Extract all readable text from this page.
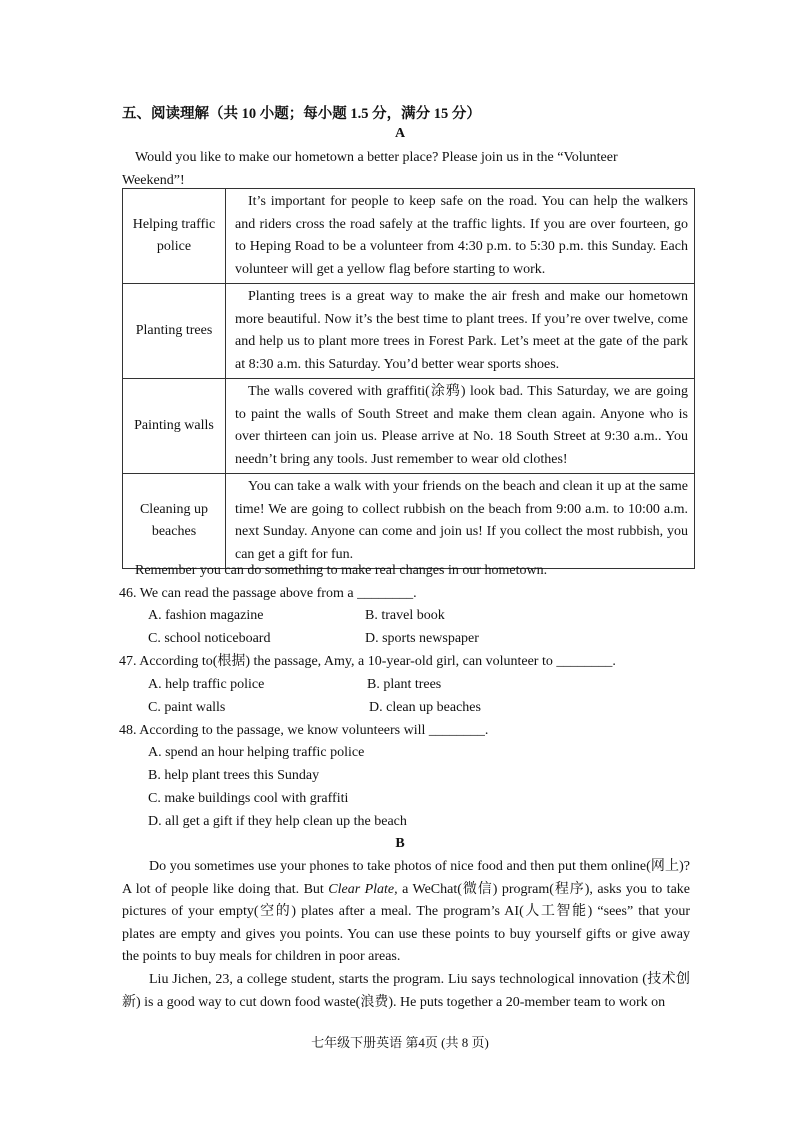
五、阅读理解（共 10 小题；每小题 1.5 分，满分 15 分）
A
Would you like to make our hometown a better place? Please join us in the “Volunteer
Weekend”!
Helping traffic police	It’s important for people to keep safe on the road. You can help the walkers and riders cross the road safely at the traffic lights. If you are over fourteen, go to Heping Road to be a volunteer from 4:30 p.m. to 5:30 p.m. this Sunday. Each volunteer will get a yellow flag before starting to work.
Planting trees	Planting trees is a great way to make the air fresh and make our hometown more beautiful. Now it’s the best time to plant trees. If you’re over twelve, come and help us to plant more trees in Forest Park. Let’s meet at the gate of the park at 8:30 a.m. this Saturday. You’d better wear sports shoes.
Painting walls	The walls covered with graffiti(涂鸦) look bad. This Saturday, we are going to paint the walls of South Street and make them clean again. Anyone who is over thirteen can join us. Please arrive at No. 18 South Street at 9:30 a.m.. You needn’t bring any tools. Just remember to wear old clothes!
Cleaning up beaches	You can take a walk with your friends on the beach and clean it up at the same time! We are going to collect rubbish on the beach from 9:00 a.m. to 10:00 a.m. next Sunday. Anyone can come and join us! If you collect the most rubbish, you can get a gift for fun.
Remember you can do something to make real changes in our hometown.
46. We can read the passage above from a ________.
A. fashion magazine	B. travel book
C. school noticeboard	D. sports newspaper
47. According to(根据) the passage, Amy, a 10-year-old girl, can volunteer to ________.
A. help traffic police	B. plant trees
C. paint walls	D. clean up beaches
48. According to the passage, we know volunteers will ________.
A. spend an hour helping traffic police
B. help plant trees this Sunday
C. make buildings cool with graffiti
D. all get a gift if they help clean up the beach
B
Do you sometimes use your phones to take photos of nice food and then put them online(网上)? A lot of people like doing that. But Clear Plate, a WeChat(微信) program(程序), asks you to take pictures of your empty(空的) plates after a meal. The program’s AI(人工智能) “sees” that your plates are empty and gives you points. You can use these points to buy yourself gifts or give away the points to buy meals for children in poor areas.
Liu Jichen, 23, a college student, starts the program. Liu says technological innovation (技术创新) is a good way to cut down food waste(浪费). He puts together a 20-member team to work on
七年级下册英语 第4页 (共 8 页)
